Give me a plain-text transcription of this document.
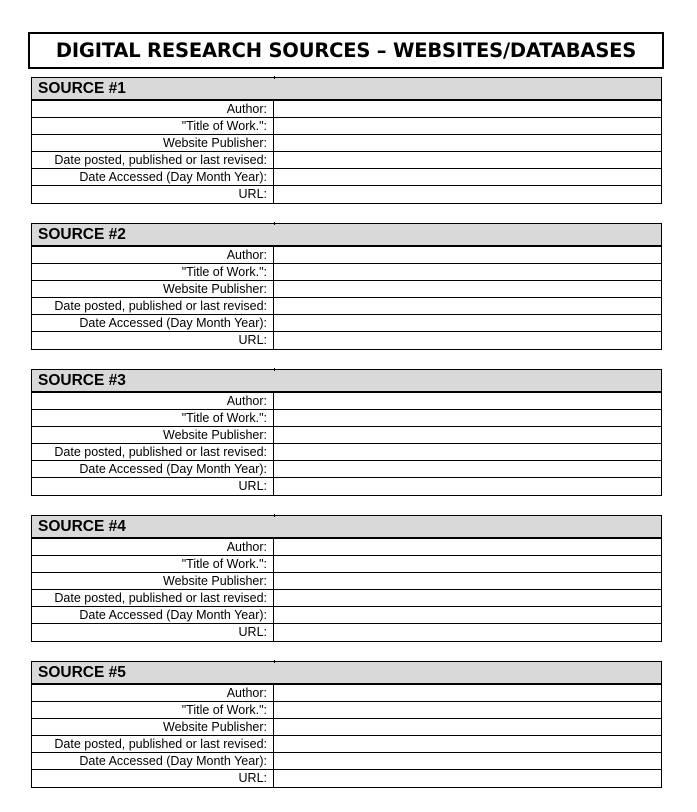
DIGITAL RESEARCH SOURCES – WEBSITES/DATABASES
SOURCE #1
Author:
"Title of Work.":
Website Publisher:
Date posted, published or last revised:
Date Accessed (Day Month Year):
URL:
SOURCE #2
Author:
"Title of Work.":
Website Publisher:
Date posted, published or last revised:
Date Accessed (Day Month Year):
URL:
SOURCE #3
Author:
"Title of Work.":
Website Publisher:
Date posted, published or last revised:
Date Accessed (Day Month Year):
URL:
SOURCE #4
Author:
"Title of Work.":
Website Publisher:
Date posted, published or last revised:
Date Accessed (Day Month Year):
URL:
SOURCE #5
Author:
"Title of Work.":
Website Publisher:
Date posted, published or last revised:
Date Accessed (Day Month Year):
URL:
